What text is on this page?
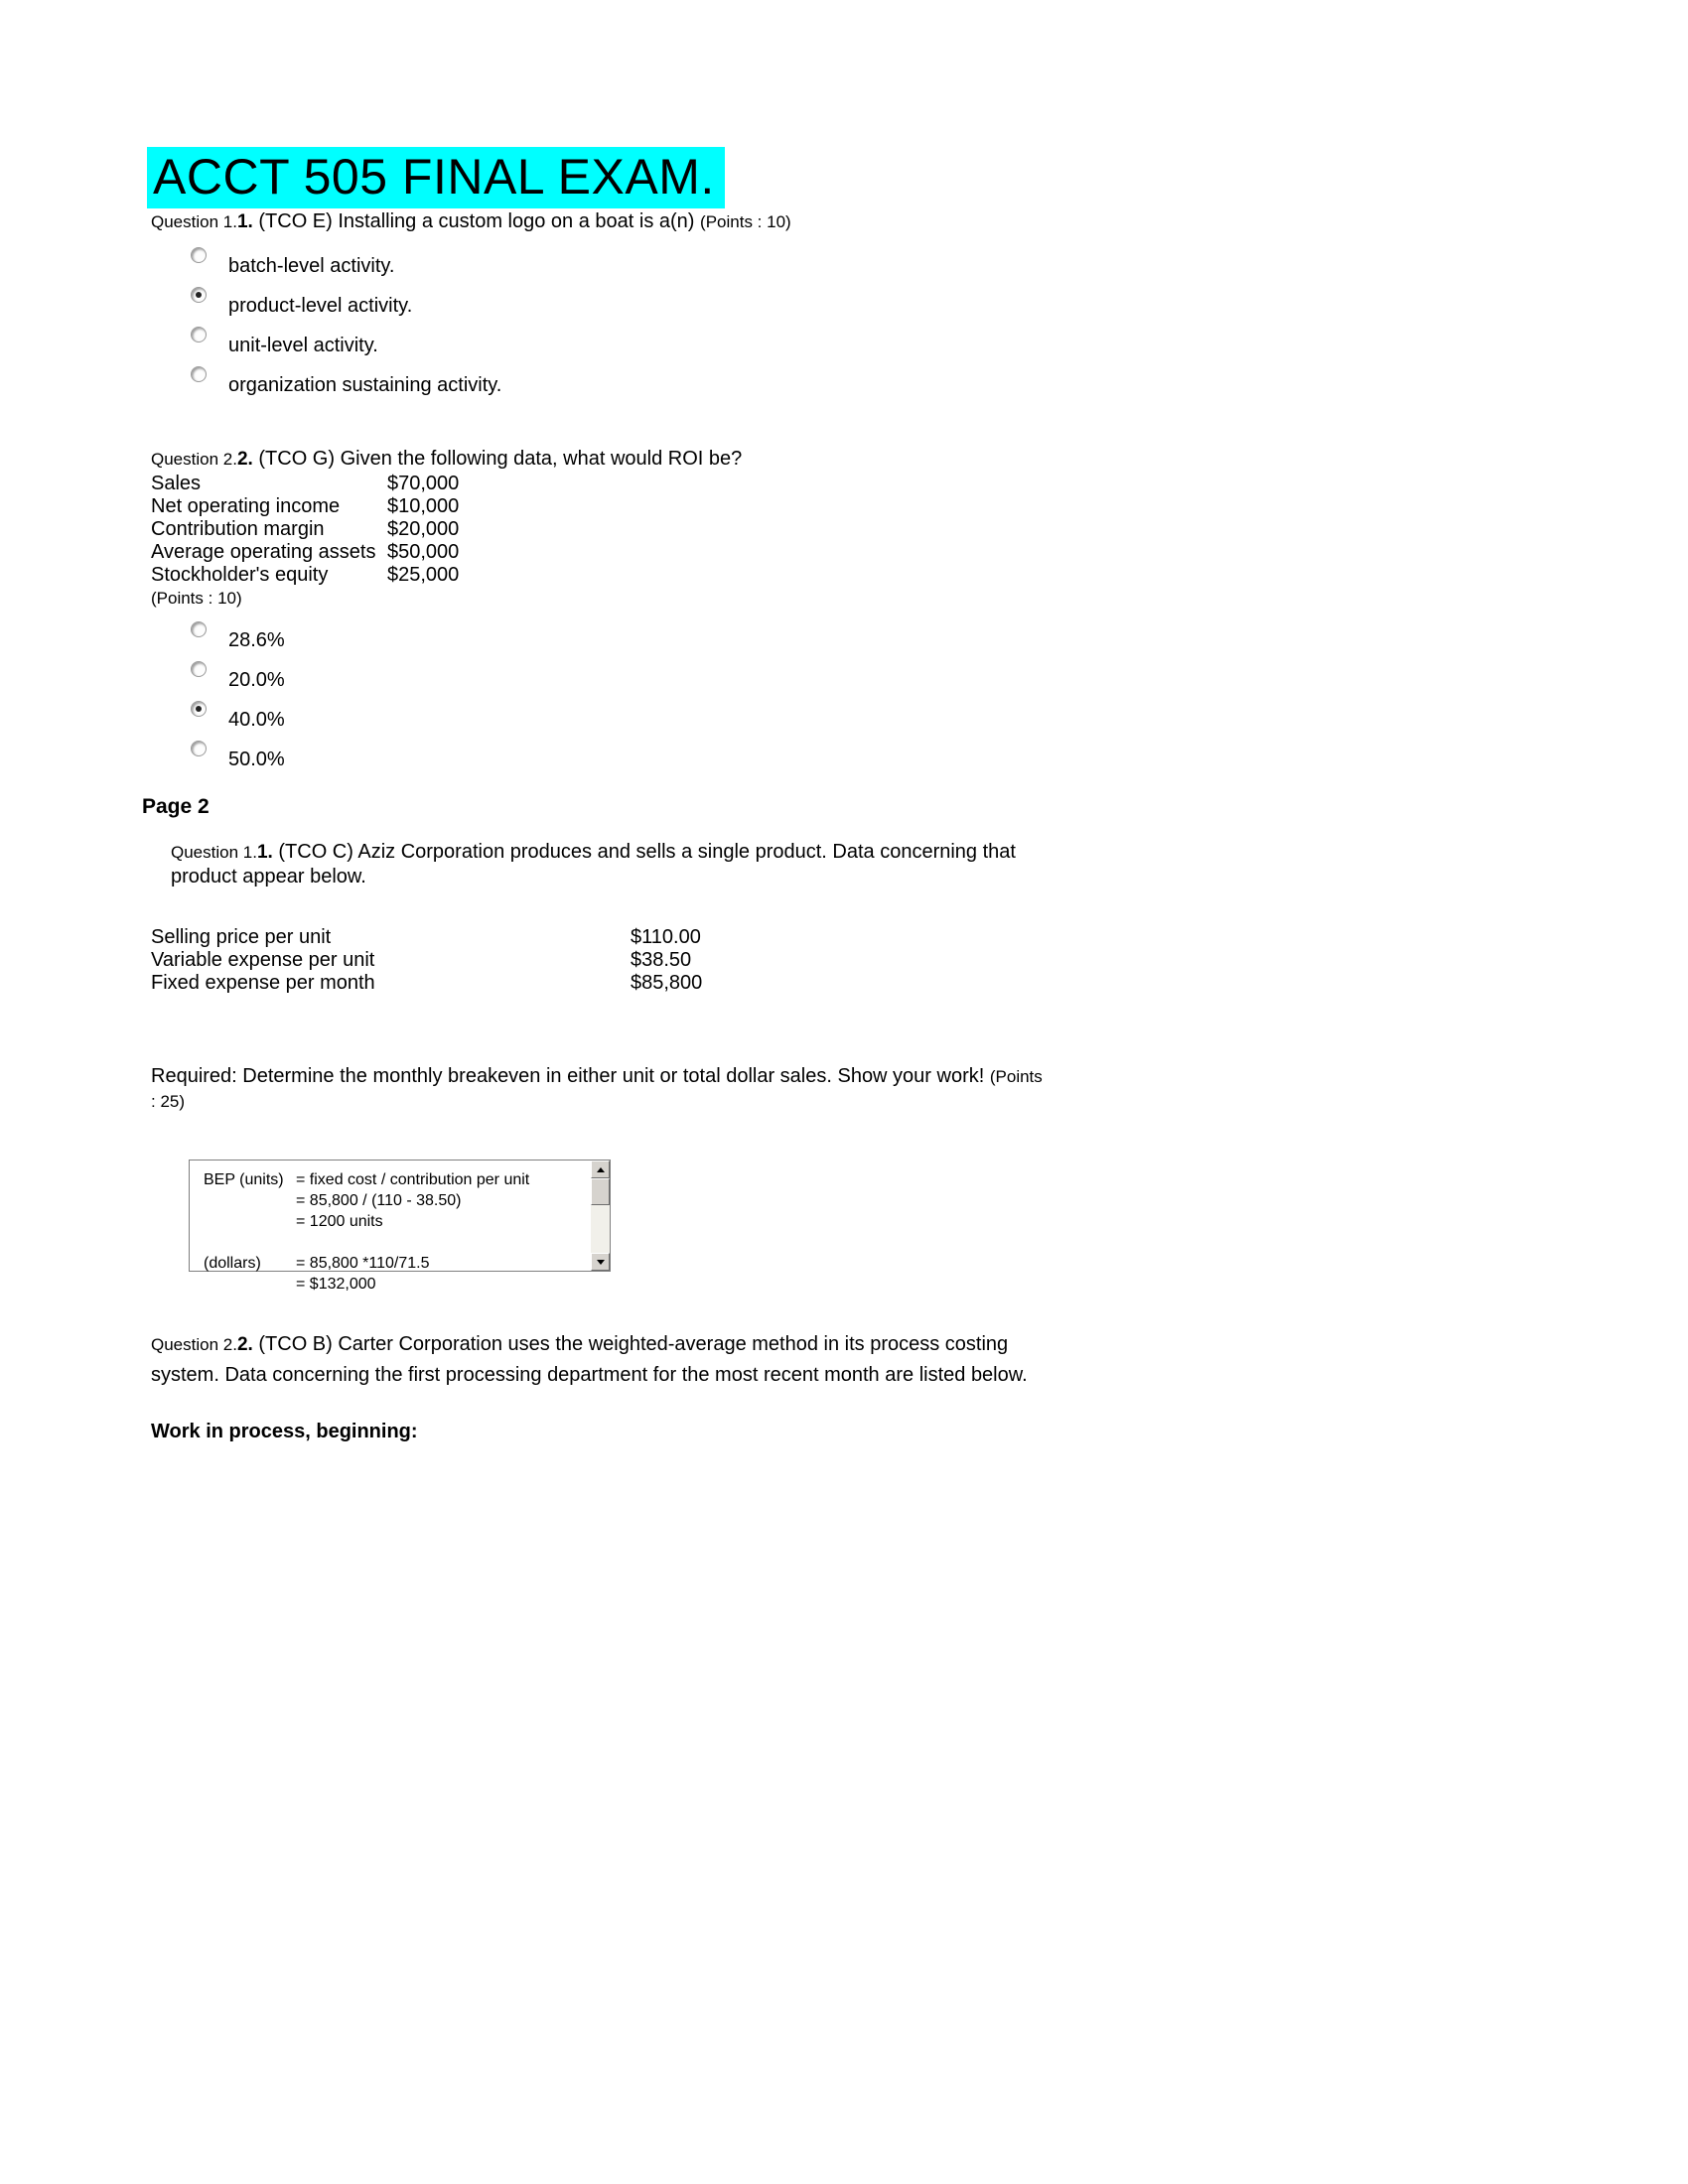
ACCT 505 FINAL EXAM.
Question 1.1. (TCO E) Installing a custom logo on a boat is a(n) (Points : 10)
batch-level activity.
product-level activity.
unit-level activity.
organization sustaining activity.
Question 2.2. (TCO G) Given the following data, what would ROI be?
Sales	$70,000
Net operating income $10,000
Contribution margin	$20,000
Average operating assets $50,000
Stockholder's equity	$25,000
(Points : 10)
28.6%
20.0%
40.0%
50.0%
Page 2
Question 1.1. (TCO C) Aziz Corporation produces and sells a single product. Data concerning that product appear below.
Selling price per unit	$110.00
Variable expense per unit	$38.50
Fixed expense per month	$85,800
Required: Determine the monthly breakeven in either unit or total dollar sales. Show your work! (Points : 25)
BEP (units) = fixed cost / contribution per unit
= 85,800 / (110 - 38.50)
= 1200 units
(dollars) = 85,800 *110/71.5
= $132,000
Question 2.2. (TCO B) Carter Corporation uses the weighted-average method in its process costing system. Data concerning the first processing department for the most recent month are listed below.
Work in process, beginning:
